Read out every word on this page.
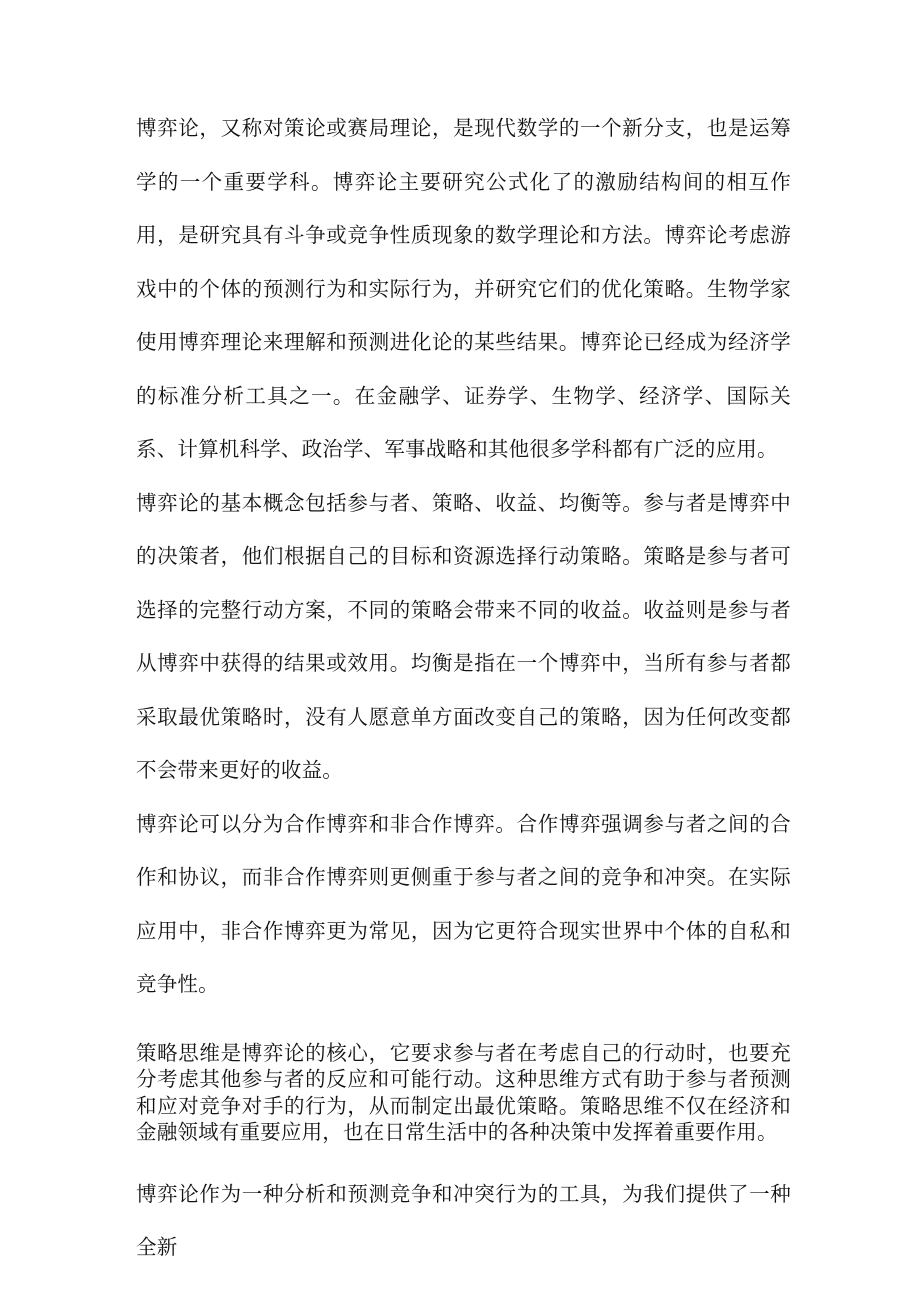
博弈论，又称对策论或赛局理论，是现代数学的一个新分支，也是运筹学的一个重要学科。博弈论主要研究公式化了的激励结构间的相互作用，是研究具有斗争或竞争性质现象的数学理论和方法。博弈论考虑游戏中的个体的预测行为和实际行为，并研究它们的优化策略。生物学家使用博弈理论来理解和预测进化论的某些结果。博弈论已经成为经济学的标准分析工具之一。在金融学、证券学、生物学、经济学、国际关系、计算机科学、政治学、军事战略和其他很多学科都有广泛的应用。

博弈论的基本概念包括参与者、策略、收益、均衡等。参与者是博弈中的决策者，他们根据自己的目标和资源选择行动策略。策略是参与者可选择的完整行动方案，不同的策略会带来不同的收益。收益则是参与者从博弈中获得的结果或效用。均衡是指在一个博弈中，当所有参与者都采取最优策略时，没有人愿意单方面改变自己的策略，因为任何改变都不会带来更好的收益。

博弈论可以分为合作博弈和非合作博弈。合作博弈强调参与者之间的合作和协议，而非合作博弈则更侧重于参与者之间的竞争和冲突。在实际应用中，非合作博弈更为常见，因为它更符合现实世界中个体的自私和竞争性。

策略思维是博弈论的核心，它要求参与者在考虑自己的行动时，也要充分考虑其他参与者的反应和可能行动。这种思维方式有助于参与者预测和应对竞争对手的行为，从而制定出最优策略。策略思维不仅在经济和金融领域有重要应用，也在日常生活中的各种决策中发挥着重要作用。

博弈论作为一种分析和预测竞争和冲突行为的工具，为我们提供了一种全新
